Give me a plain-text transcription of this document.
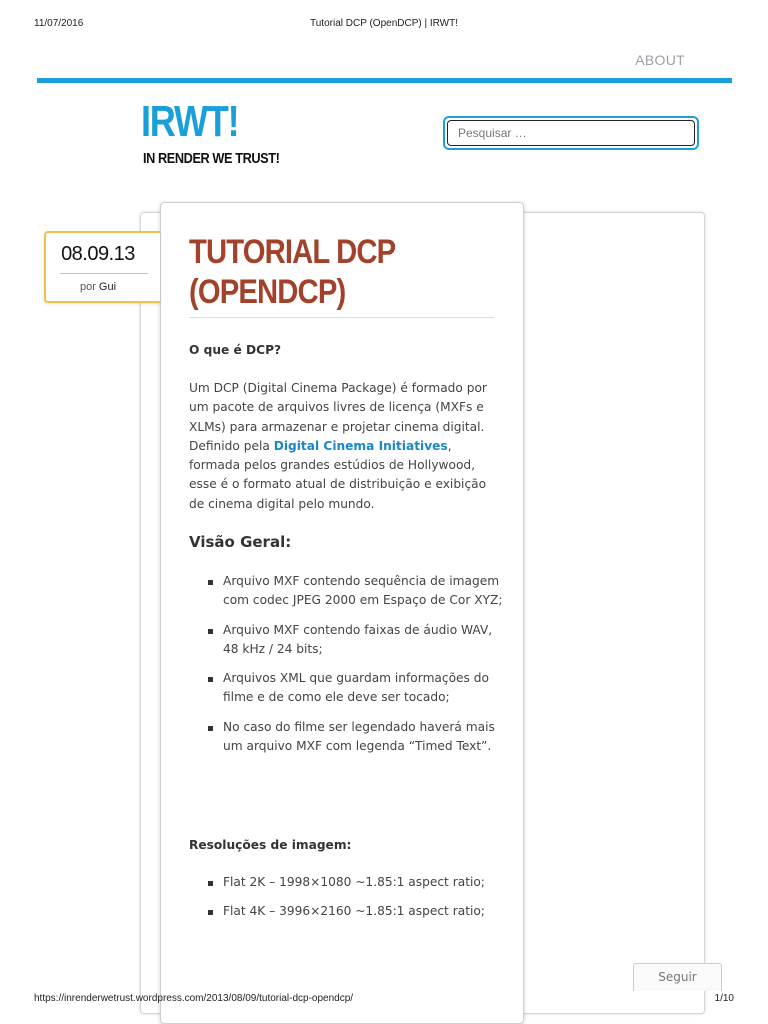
11/07/2016	Tutorial DCP (OpenDCP) | IRWT!
ABOUT
IRWT!
IN RENDER WE TRUST!
Pesquisar …
08.09.13
por Gui
TUTORIAL DCP
(OPENDCP)
O que é DCP?
Um DCP (Digital Cinema Package) é formado por um pacote de arquivos livres de licença (MXFs e XLMs) para armazenar e projetar cinema digital. Definido pela Digital Cinema Initiatives, formada pelos grandes estúdios de Hollywood, esse é o formato atual de distribuição e exibição de cinema digital pelo mundo.
Visão Geral:
Arquivo MXF contendo sequência de imagem com codec JPEG 2000 em Espaço de Cor XYZ;
Arquivo MXF contendo faixas de áudio WAV, 48 kHz / 24 bits;
Arquivos XML que guardam informações do filme e de como ele deve ser tocado;
No caso do filme ser legendado haverá mais um arquivo MXF com legenda “Timed Text”.
Resoluções de imagem:
Flat 2K – 1998×1080 ~1.85:1 aspect ratio;
Flat 4K – 3996×2160 ~1.85:1 aspect ratio;
Seguir
https://inrenderwetrust.wordpress.com/2013/08/09/tutorial-dcp-opendcp/	1/10
